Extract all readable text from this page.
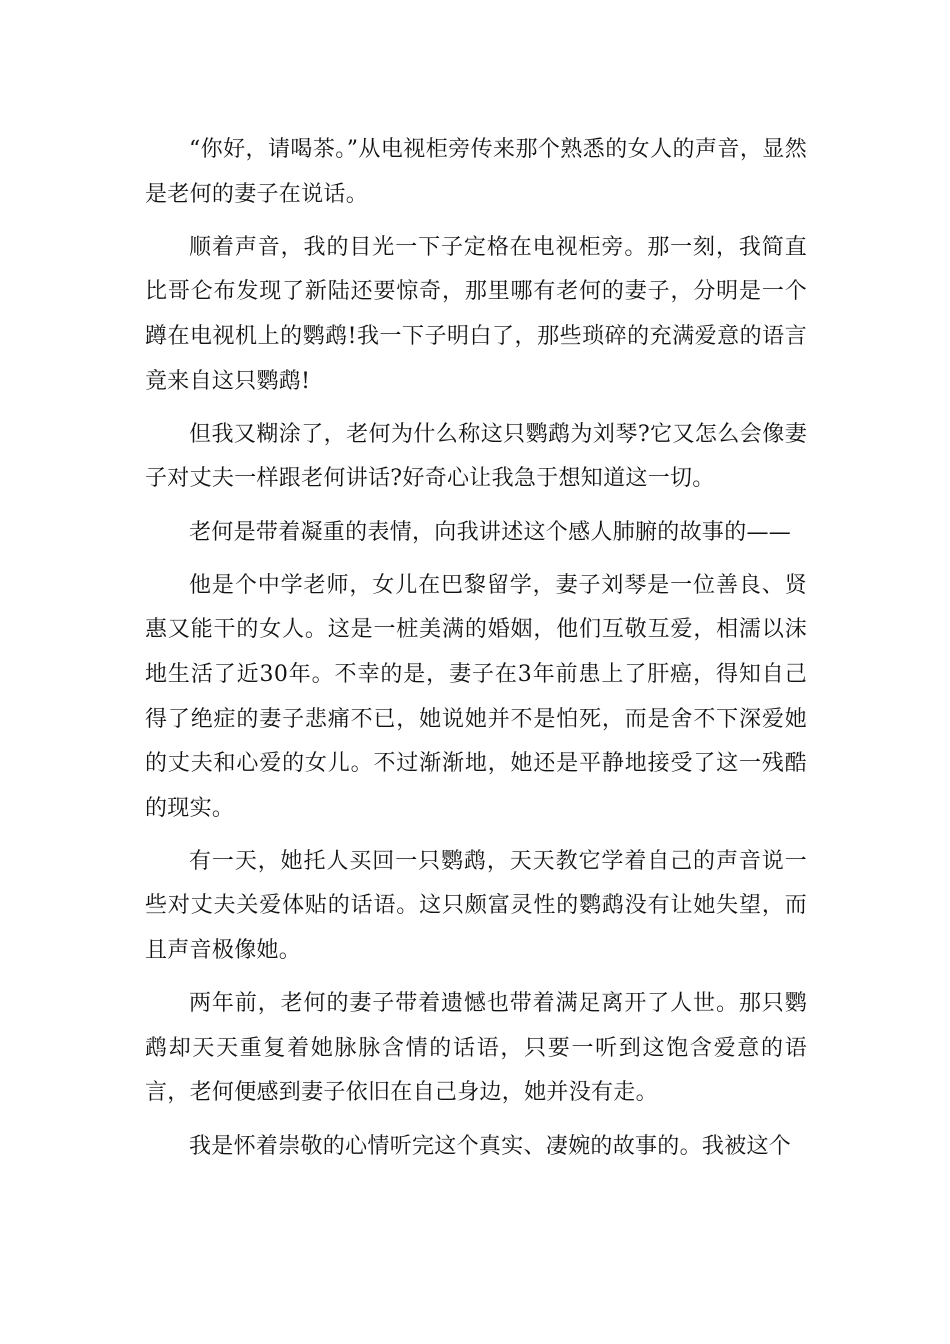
“你好，请喝茶。”从电视柜旁传来那个熟悉的女人的声音，显然是老何的妻子在说话。

顺着声音，我的目光一下子定格在电视柜旁。那一刻，我简直比哥仑布发现了新陆还要惊奇，那里哪有老何的妻子，分明是一个蹲在电视机上的鹦鹉!我一下子明白了，那些琐碎的充满爱意的语言竟来自这只鹦鹉!

但我又糊涂了，老何为什么称这只鹦鹉为刘琴?它又怎么会像妻子对丈夫一样跟老何讲话?好奇心让我急于想知道这一切。

老何是带着凝重的表情，向我讲述这个感人肺腑的故事的——

他是个中学老师，女儿在巴黎留学，妻子刘琴是一位善良、贤惠又能干的女人。这是一桩美满的婚姻，他们互敬互爱，相濡以沫地生活了近30年。不幸的是，妻子在3年前患上了肝癌，得知自己得了绝症的妻子悲痛不已，她说她并不是怕死，而是舍不下深爱她的丈夫和心爱的女儿。不过渐渐地，她还是平静地接受了这一残酷的现实。

有一天，她托人买回一只鹦鹉，天天教它学着自己的声音说一些对丈夫关爱体贴的话语。这只颇富灵性的鹦鹉没有让她失望，而且声音极像她。

两年前，老何的妻子带着遗憾也带着满足离开了人世。那只鹦鹉却天天重复着她脉脉含情的话语，只要一听到这饱含爱意的语言，老何便感到妻子依旧在自己身边，她并没有走。

我是怀着崇敬的心情听完这个真实、凄婉的故事的。我被这个
